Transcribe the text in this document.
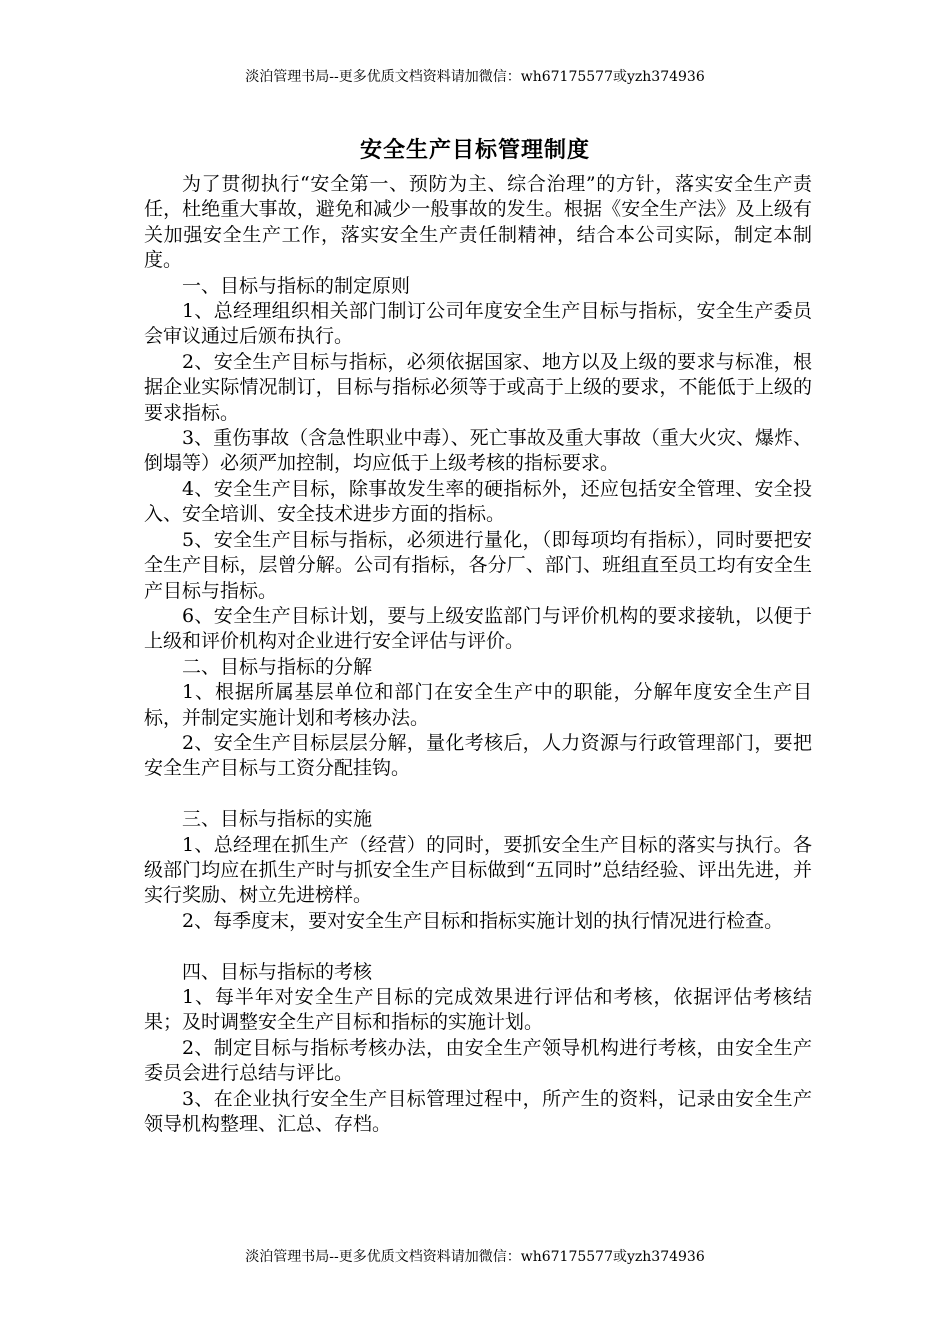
淡泊管理书局--更多优质文档资料请加微信：wh67175577或yzh374936
安全生产目标管理制度

为了贯彻执行“安全第一、预防为主、综合治理”的方针，落实安全生产责任，杜绝重大事故，避免和减少一般事故的发生。根据《安全生产法》及上级有关加强安全生产工作，落实安全生产责任制精神，结合本公司实际，制定本制度。

一、目标与指标的制定原则

1、总经理组织相关部门制订公司年度安全生产目标与指标，安全生产委员会审议通过后颁布执行。

2、安全生产目标与指标，必须依据国家、地方以及上级的要求与标准，根据企业实际情况制订，目标与指标必须等于或高于上级的要求，不能低于上级的要求指标。

3、重伤事故（含急性职业中毒）、死亡事故及重大事故（重大火灾、爆炸、倒塌等）必须严加控制，均应低于上级考核的指标要求。

4、安全生产目标，除事故发生率的硬指标外，还应包括安全管理、安全投入、安全培训、安全技术进步方面的指标。

5、安全生产目标与指标，必须进行量化，（即每项均有指标），同时要把安全生产目标，层曾分解。公司有指标，各分厂、部门、班组直至员工均有安全生产目标与指标。

6、安全生产目标计划，要与上级安监部门与评价机构的要求接轨，以便于上级和评价机构对企业进行安全评估与评价。

二、目标与指标的分解

1、根据所属基层单位和部门在安全生产中的职能，分解年度安全生产目标，并制定实施计划和考核办法。

2、安全生产目标层层分解，量化考核后，人力资源与行政管理部门，要把安全生产目标与工资分配挂钩。

三、目标与指标的实施

1、总经理在抓生产（经营）的同时，要抓安全生产目标的落实与执行。各级部门均应在抓生产时与抓安全生产目标做到“五同时”总结经验、评出先进，并实行奖励、树立先进榜样。

2、每季度末，要对安全生产目标和指标实施计划的执行情况进行检查。

四、目标与指标的考核

1、每半年对安全生产目标的完成效果进行评估和考核，依据评估考核结果；及时调整安全生产目标和指标的实施计划。

2、制定目标与指标考核办法，由安全生产领导机构进行考核，由安全生产委员会进行总结与评比。

3、在企业执行安全生产目标管理过程中，所产生的资料，记录由安全生产领导机构整理、汇总、存档。

淡泊管理书局--更多优质文档资料请加微信：wh67175577或yzh374936
